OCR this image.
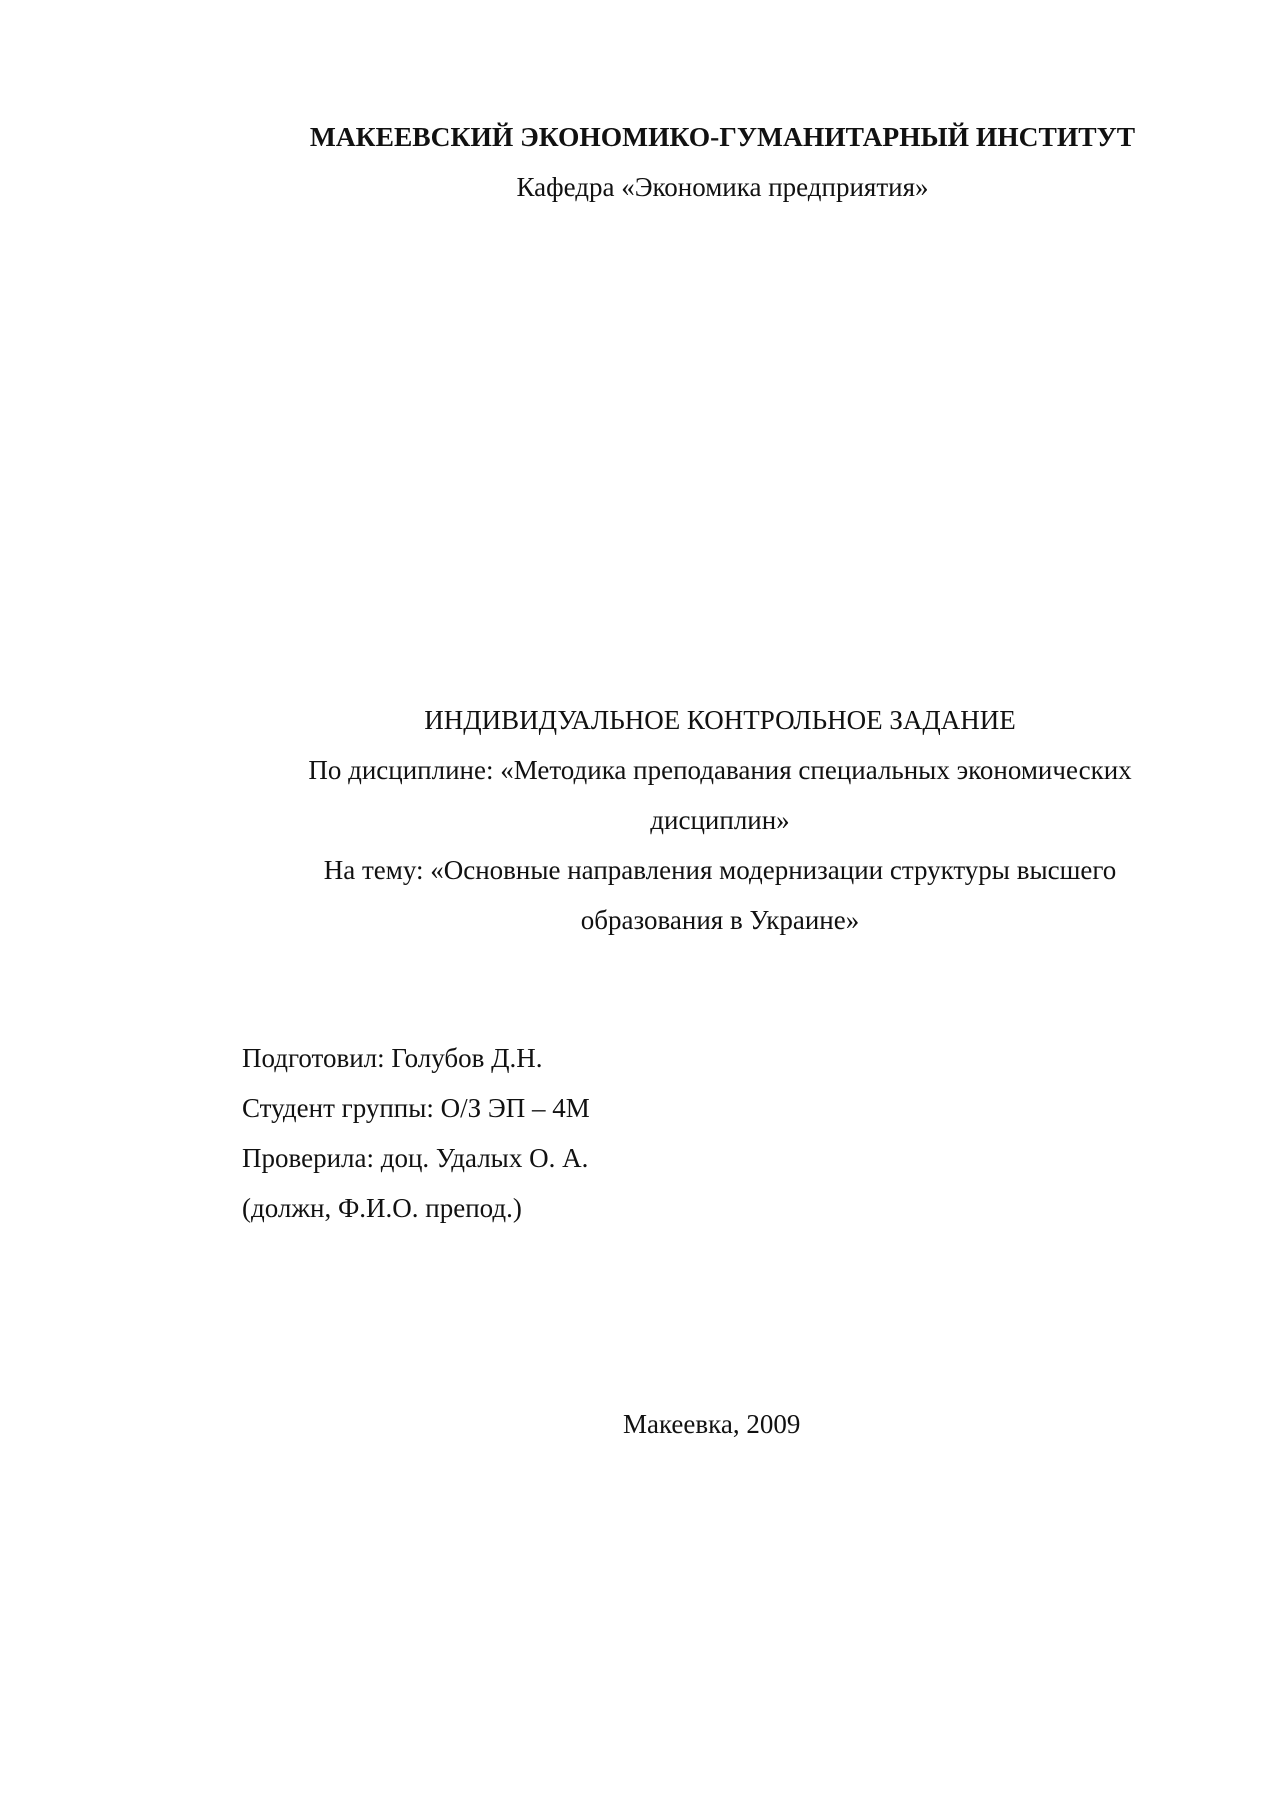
МАКЕЕВСКИЙ ЭКОНОМИКО-ГУМАНИТАРНЫЙ ИНСТИТУТ
Кафедра «Экономика предприятия»
ИНДИВИДУАЛЬНОЕ КОНТРОЛЬНОЕ ЗАДАНИЕ
По дисциплине: «Методика преподавания специальных экономических
дисциплин»
На тему: «Основные направления модернизации структуры высшего
образования в Украине»
Подготовил: Голубов Д.Н.
Студент группы: О/З ЭП – 4М
Проверила: доц. Удалых О. А.
(должн, Ф.И.О. препод.)
Макеевка, 2009
